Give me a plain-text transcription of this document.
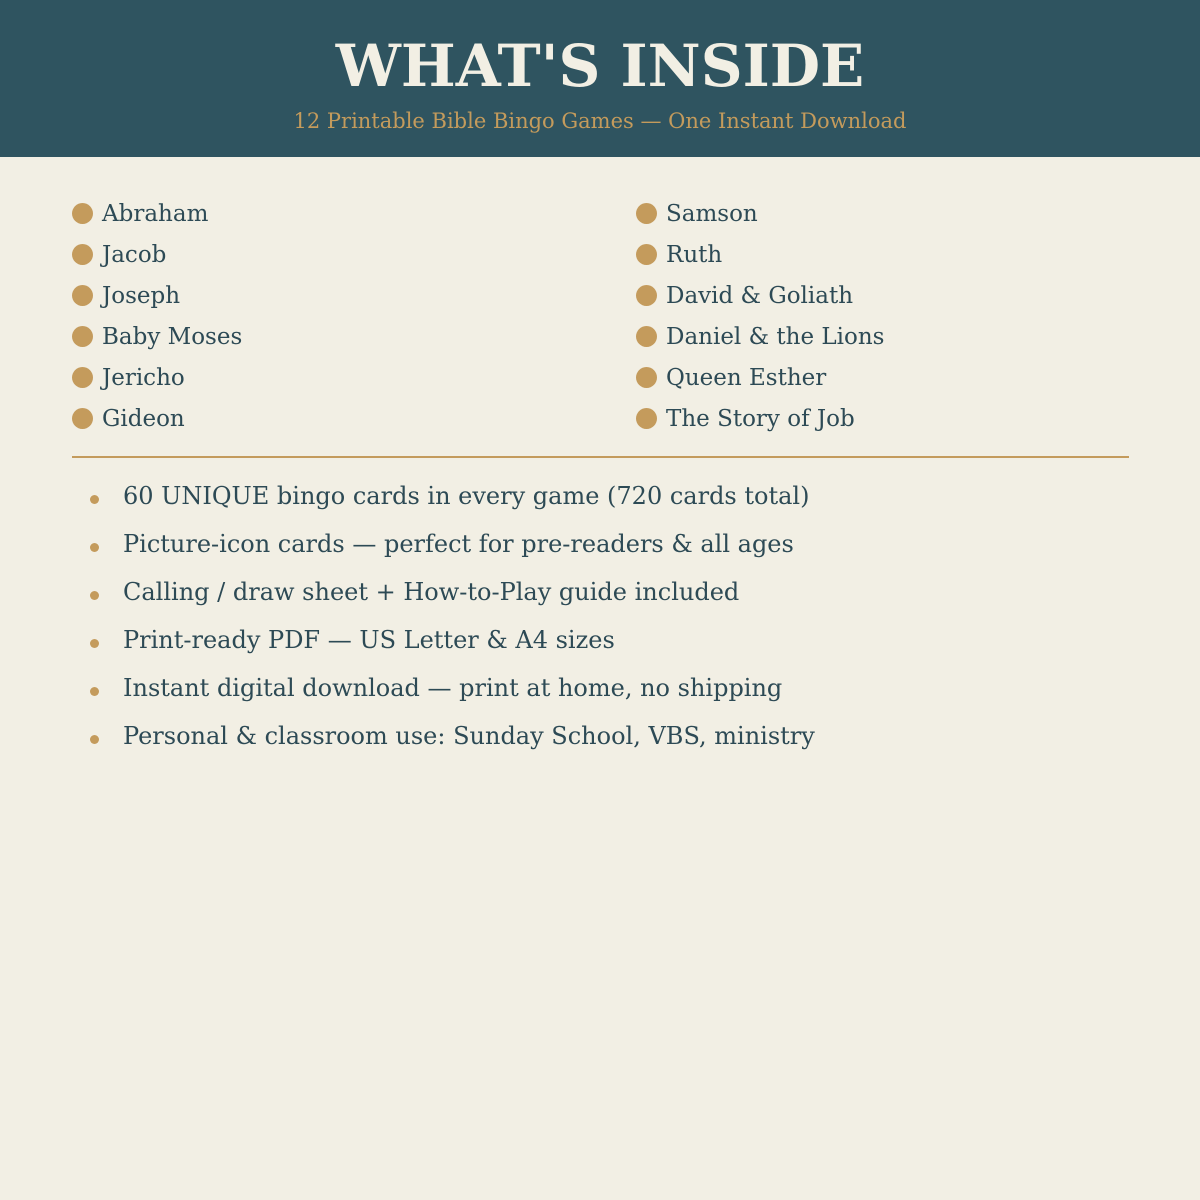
WHAT'S INSIDE

12 Printable Bible Bingo Games — One Instant Download

Abraham
Jacob
Joseph
Baby Moses
Jericho
Gideon
Samson
Ruth
David & Goliath
Daniel & the Lions
Queen Esther
The Story of Job
60 UNIQUE bingo cards in every game (720 cards total)
Picture-icon cards — perfect for pre-readers & all ages
Calling / draw sheet + How-to-Play guide included
Print-ready PDF — US Letter & A4 sizes
Instant digital download — print at home, no shipping
Personal & classroom use: Sunday School, VBS, ministry
